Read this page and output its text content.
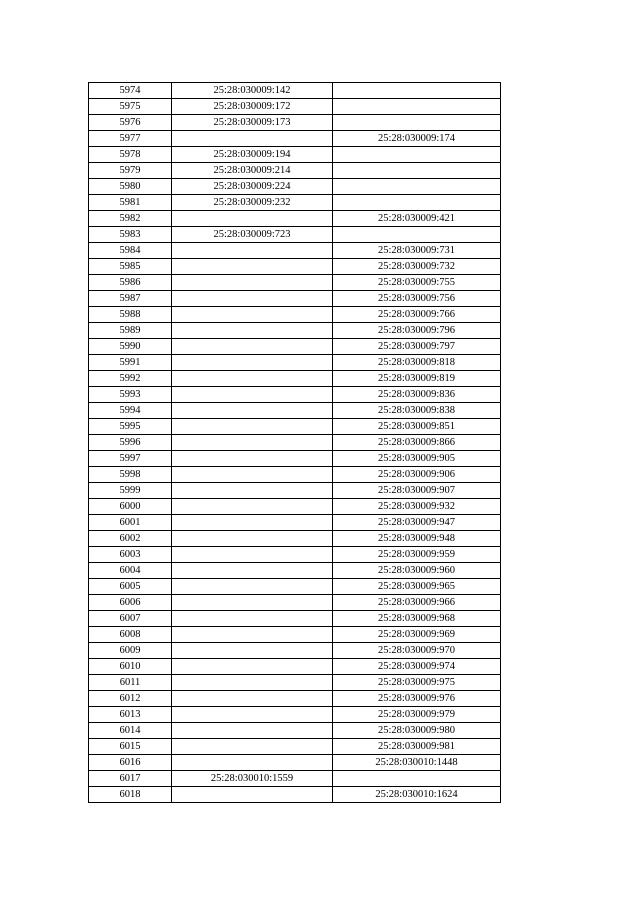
5974	25:28:030009:142	
5975	25:28:030009:172	
5976	25:28:030009:173	
5977		25:28:030009:174
5978	25:28:030009:194	
5979	25:28:030009:214	
5980	25:28:030009:224	
5981	25:28:030009:232	
5982		25:28:030009:421
5983	25:28:030009:723	
5984		25:28:030009:731
5985		25:28:030009:732
5986		25:28:030009:755
5987		25:28:030009:756
5988		25:28:030009:766
5989		25:28:030009:796
5990		25:28:030009:797
5991		25:28:030009:818
5992		25:28:030009:819
5993		25:28:030009:836
5994		25:28:030009:838
5995		25:28:030009:851
5996		25:28:030009:866
5997		25:28:030009:905
5998		25:28:030009:906
5999		25:28:030009:907
6000		25:28:030009:932
6001		25:28:030009:947
6002		25:28:030009:948
6003		25:28:030009:959
6004		25:28:030009:960
6005		25:28:030009:965
6006		25:28:030009:966
6007		25:28:030009:968
6008		25:28:030009:969
6009		25:28:030009:970
6010		25:28:030009:974
6011		25:28:030009:975
6012		25:28:030009:976
6013		25:28:030009:979
6014		25:28:030009:980
6015		25:28:030009:981
6016		25:28:030010:1448
6017	25:28:030010:1559	
6018		25:28:030010:1624
